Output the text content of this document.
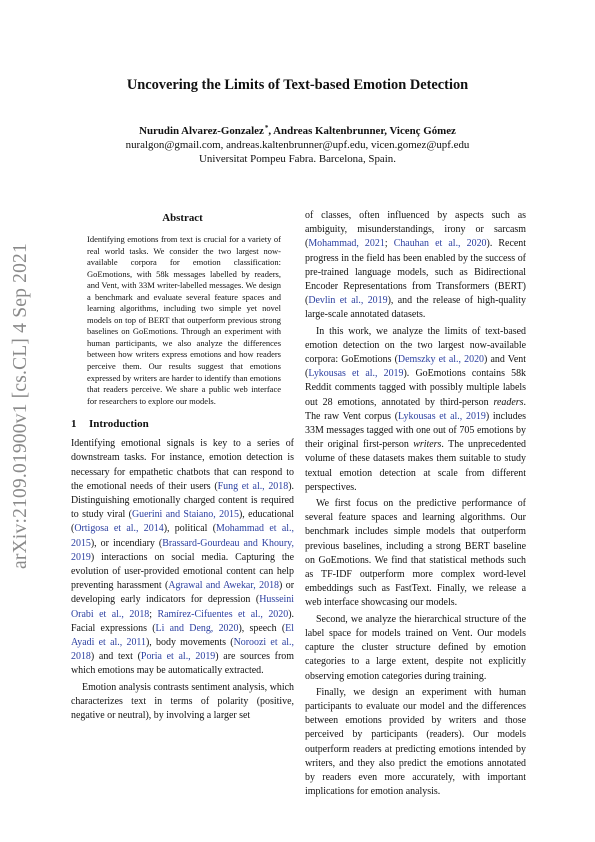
arXiv:2109.01900v1 [cs.CL] 4 Sep 2021
Uncovering the Limits of Text-based Emotion Detection
Nurudin Alvarez-Gonzalez*, Andreas Kaltenbrunner, Vicenç Gómez
nuralgon@gmail.com, andreas.kaltenbrunner@upf.edu, vicen.gomez@upf.edu
Universitat Pompeu Fabra. Barcelona, Spain.
Abstract

Identifying emotions from text is crucial for a variety of real world tasks. We consider the two largest now-available corpora for emotion classification: GoEmotions, with 58k messages labelled by readers, and Vent, with 33M writer-labelled messages. We design a benchmark and evaluate several feature spaces and learning algorithms, including two simple yet novel models on top of BERT that outperform previous strong baselines on GoEmotions. Through an experiment with human participants, we also analyze the differences between how writers express emotions and how readers perceive them. Our results suggest that emotions expressed by writers are harder to identify than emotions that readers perceive. We share a public web interface for researchers to explore our models.

1 Introduction

Identifying emotional signals is key to a series of downstream tasks. For instance, emotion detection is necessary for empathetic chatbots that can respond to the emotional needs of their users (Fung et al., 2018). Distinguishing emotionally charged content is required to study viral (Guerini and Staiano, 2015), educational (Ortigosa et al., 2014), political (Mohammad et al., 2015), or incendiary (Brassard-Gourdeau and Khoury, 2019) interactions on social media. Capturing the evolution of user-provided emotional content can help preventing harassment (Agrawal and Awekar, 2018) or developing early indicators for depression (Husseini Orabi et al., 2018; Ramírez-Cifuentes et al., 2020). Facial expressions (Li and Deng, 2020), speech (El Ayadi et al., 2011), body movements (Noroozi et al., 2018) and text (Poria et al., 2019) are sources from which emotions may be automatically extracted.

Emotion analysis contrasts sentiment analysis, which characterizes text in terms of polarity (positive, negative or neutral), by involving a larger set

of classes, often influenced by aspects such as ambiguity, misunderstandings, irony or sarcasm (Mohammad, 2021; Chauhan et al., 2020). Recent progress in the field has been enabled by the success of pre-trained language models, such as Bidirectional Encoder Representations from Transformers (BERT) (Devlin et al., 2019), and the release of high-quality large-scale annotated datasets.

In this work, we analyze the limits of text-based emotion detection on the two largest now-available corpora: GoEmotions (Demszky et al., 2020) and Vent (Lykousas et al., 2019). GoEmotions contains 58k Reddit comments tagged with possibly multiple labels out 28 emotions, annotated by third-person readers. The raw Vent corpus (Lykousas et al., 2019) includes 33M messages tagged with one out of 705 emotions by their original first-person writers. The unprecedented volume of these datasets makes them suitable to study textual emotion detection at scale from different perspectives.

We first focus on the predictive performance of several feature spaces and learning algorithms. Our benchmark includes simple models that outperform previous baselines, including a strong BERT baseline on GoEmotions. We find that statistical methods such as TF-IDF outperform more complex word-level embeddings such as FastText. Finally, we release a web interface showcasing our models.

Second, we analyze the hierarchical structure of the label space for models trained on Vent. Our models capture the cluster structure defined by emotion categories to a large extent, despite not explicitly observing emotion categories during training.

Finally, we design an experiment with human participants to evaluate our model and the differences between emotions provided by writers and those perceived by participants (readers). Our models outperform readers at predicting emotions intended by writers, and they also predict the emotions annotated by readers even more accurately, with important implications for emotion analysis.
